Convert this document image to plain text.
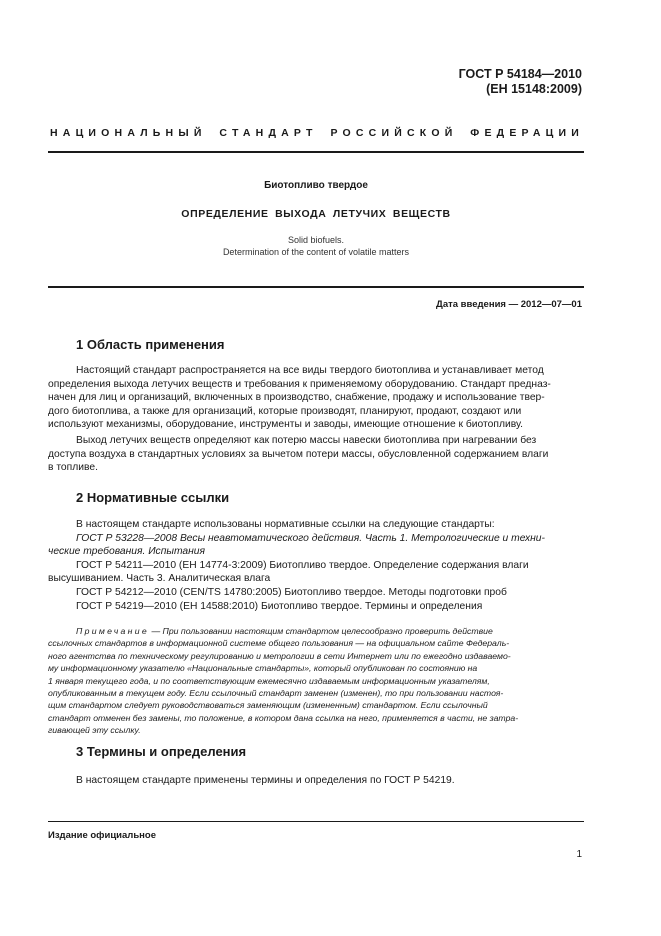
ГОСТ Р 54184—2010
(ЕН 15148:2009)
НАЦИОНАЛЬНЫЙ СТАНДАРТ РОССИЙСКОЙ ФЕДЕРАЦИИ
Биотопливо твердое
ОПРЕДЕЛЕНИЕ ВЫХОДА ЛЕТУЧИХ ВЕЩЕСТВ
Solid biofuels.
Determination of the content of volatile matters
Дата введения — 2012—07—01
1 Область применения
Настоящий стандарт распространяется на все виды твердого биотоплива и устанавливает метод
определения выхода летучих веществ и требования к применяемому оборудованию. Стандарт предназ-
начен для лиц и организаций, включенных в производство, снабжение, продажу и использование твер-
дого биотоплива, а также для организаций, которые производят, планируют, продают, создают или
используют механизмы, оборудование, инструменты и заводы, имеющие отношение к биотопливу.
Выход летучих веществ определяют как потерю массы навески биотоплива при нагревании без
доступа воздуха в стандартных условиях за вычетом потери массы, обусловленной содержанием влаги
в топливе.
2 Нормативные ссылки
В настоящем стандарте использованы нормативные ссылки на следующие стандарты:
ГОСТ Р 53228—2008 Весы неавтоматического действия. Часть 1. Метрологические и техни-
ческие требования. Испытания
ГОСТ Р 54211—2010 (ЕН 14774-3:2009) Биотопливо твердое. Определение содержания влаги
высушиванием. Часть 3. Аналитическая влага
ГОСТ Р 54212—2010 (CEN/TS 14780:2005) Биотопливо твердое. Методы подготовки проб
ГОСТ Р 54219—2010 (ЕН 14588:2010) Биотопливо твердое. Термины и определения
Примечание — При пользовании настоящим стандартом целесообразно проверить действие
ссылочных стандартов в информационной системе общего пользования — на официальном сайте Федераль-
ного агентства по техническому регулированию и метрологии в сети Интернет или по ежегодно издаваемо-
му информационному указателю «Национальные стандарты», который опубликован по состоянию на
1 января текущего года, и по соответствующим ежемесячно издаваемым информационным указателям,
опубликованным в текущем году. Если ссылочный стандарт заменен (изменен), то при пользовании настоя-
щим стандартом следует руководствоваться заменяющим (измененным) стандартом. Если ссылочный
стандарт отменен без замены, то положение, в котором дана ссылка на него, применяется в части, не затра-
гивающей эту ссылку.
3 Термины и определения
В настоящем стандарте применены термины и определения по ГОСТ Р 54219.
Издание официальное
1
